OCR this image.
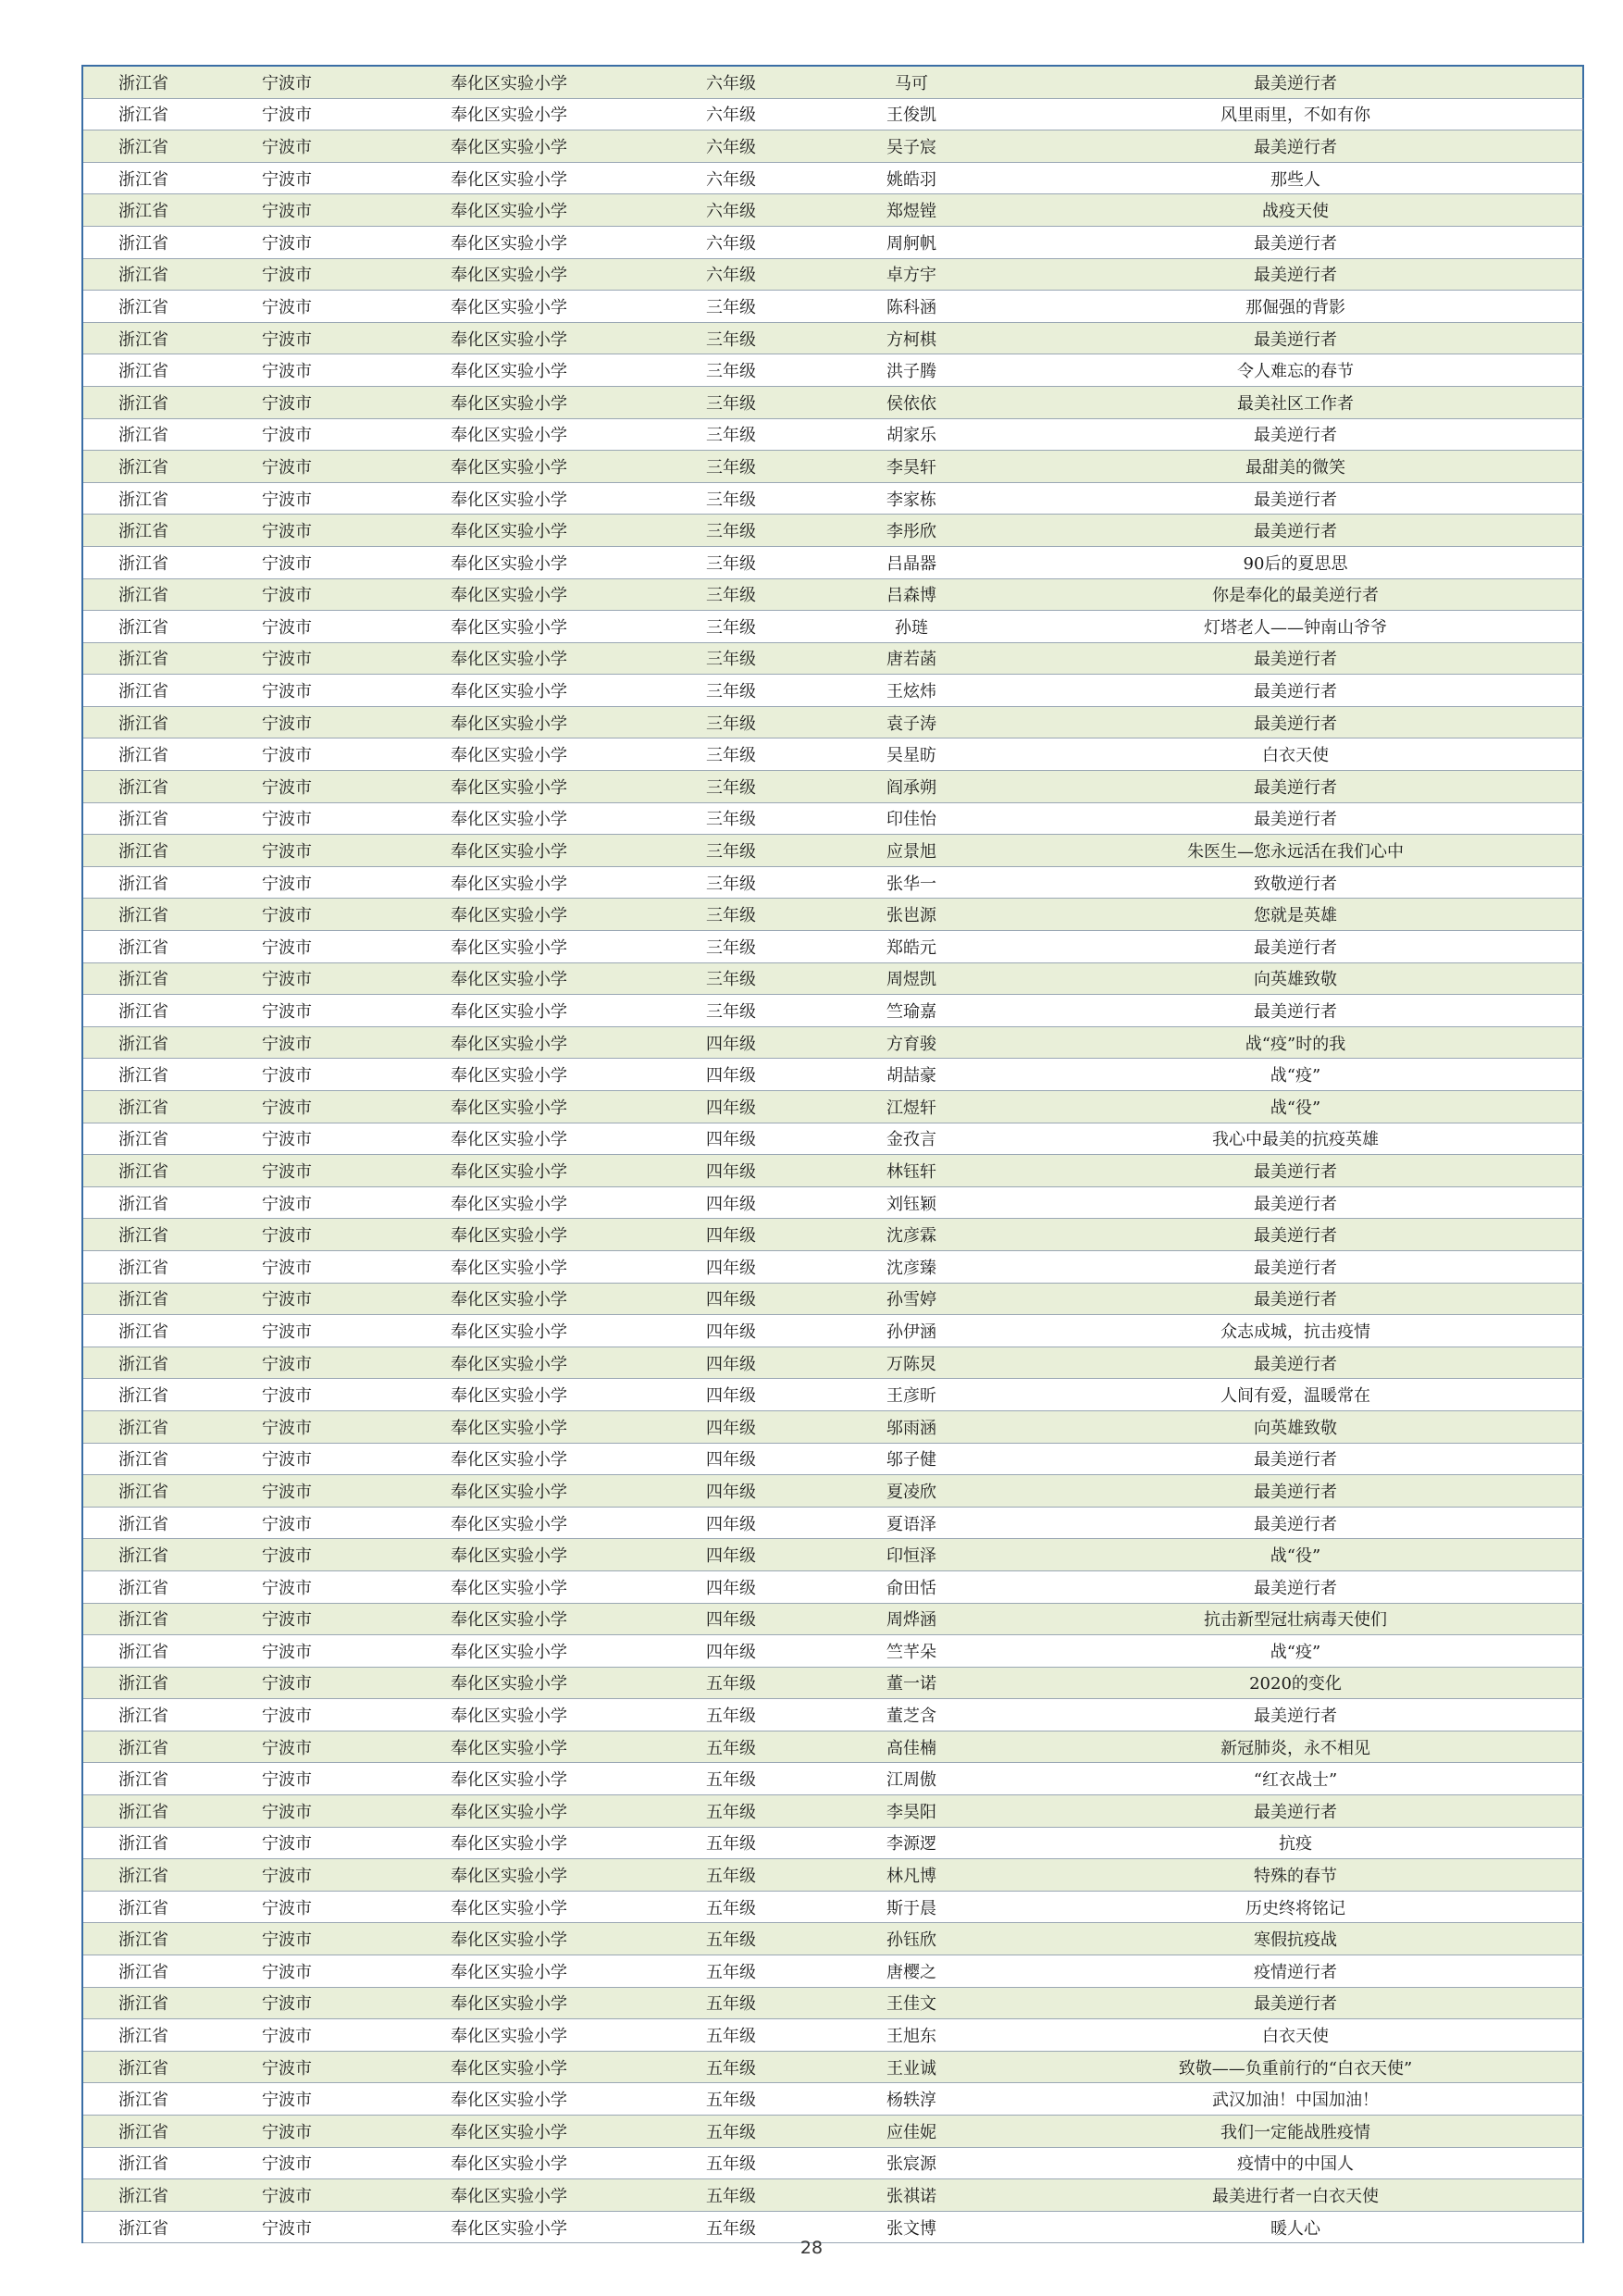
浙江省	宁波市	奉化区实验小学	六年级	马可	最美逆行者
浙江省	宁波市	奉化区实验小学	六年级	王俊凯	风里雨里，不如有你
浙江省	宁波市	奉化区实验小学	六年级	吴子宸	最美逆行者
浙江省	宁波市	奉化区实验小学	六年级	姚皓羽	那些人
浙江省	宁波市	奉化区实验小学	六年级	郑煜镗	战疫天使
浙江省	宁波市	奉化区实验小学	六年级	周舸帆	最美逆行者
浙江省	宁波市	奉化区实验小学	六年级	卓方宇	最美逆行者
浙江省	宁波市	奉化区实验小学	三年级	陈科涵	那倔强的背影
浙江省	宁波市	奉化区实验小学	三年级	方柯棋	最美逆行者
浙江省	宁波市	奉化区实验小学	三年级	洪子腾	令人难忘的春节
浙江省	宁波市	奉化区实验小学	三年级	侯依依	最美社区工作者
浙江省	宁波市	奉化区实验小学	三年级	胡家乐	最美逆行者
浙江省	宁波市	奉化区实验小学	三年级	李昊轩	最甜美的微笑
浙江省	宁波市	奉化区实验小学	三年级	李家栋	最美逆行者
浙江省	宁波市	奉化区实验小学	三年级	李彤欣	最美逆行者
浙江省	宁波市	奉化区实验小学	三年级	吕晶器	90后的夏思思
浙江省	宁波市	奉化区实验小学	三年级	吕森博	你是奉化的最美逆行者
浙江省	宁波市	奉化区实验小学	三年级	孙琏	灯塔老人——钟南山爷爷
浙江省	宁波市	奉化区实验小学	三年级	唐若菡	最美逆行者
浙江省	宁波市	奉化区实验小学	三年级	王炫炜	最美逆行者
浙江省	宁波市	奉化区实验小学	三年级	袁子涛	最美逆行者
浙江省	宁波市	奉化区实验小学	三年级	吴星昉	白衣天使
浙江省	宁波市	奉化区实验小学	三年级	阎承朔	最美逆行者
浙江省	宁波市	奉化区实验小学	三年级	印佳怡	最美逆行者
浙江省	宁波市	奉化区实验小学	三年级	应景旭	朱医生—您永远活在我们心中
浙江省	宁波市	奉化区实验小学	三年级	张华一	致敬逆行者
浙江省	宁波市	奉化区实验小学	三年级	张岜源	您就是英雄
浙江省	宁波市	奉化区实验小学	三年级	郑皓元	最美逆行者
浙江省	宁波市	奉化区实验小学	三年级	周煜凯	向英雄致敬
浙江省	宁波市	奉化区实验小学	三年级	竺瑜嘉	最美逆行者
浙江省	宁波市	奉化区实验小学	四年级	方育骏	战“疫”时的我
浙江省	宁波市	奉化区实验小学	四年级	胡喆豪	战“疫”
浙江省	宁波市	奉化区实验小学	四年级	江煜轩	战“役”
浙江省	宁波市	奉化区实验小学	四年级	金孜言	我心中最美的抗疫英雄
浙江省	宁波市	奉化区实验小学	四年级	林钰轩	最美逆行者
浙江省	宁波市	奉化区实验小学	四年级	刘钰颖	最美逆行者
浙江省	宁波市	奉化区实验小学	四年级	沈彦霖	最美逆行者
浙江省	宁波市	奉化区实验小学	四年级	沈彦臻	最美逆行者
浙江省	宁波市	奉化区实验小学	四年级	孙雪婷	最美逆行者
浙江省	宁波市	奉化区实验小学	四年级	孙伊涵	众志成城，抗击疫情
浙江省	宁波市	奉化区实验小学	四年级	万陈炅	最美逆行者
浙江省	宁波市	奉化区实验小学	四年级	王彦昕	人间有爱，温暖常在
浙江省	宁波市	奉化区实验小学	四年级	邬雨涵	向英雄致敬
浙江省	宁波市	奉化区实验小学	四年级	邬子健	最美逆行者
浙江省	宁波市	奉化区实验小学	四年级	夏凌欣	最美逆行者
浙江省	宁波市	奉化区实验小学	四年级	夏语泽	最美逆行者
浙江省	宁波市	奉化区实验小学	四年级	印恒泽	战“役”
浙江省	宁波市	奉化区实验小学	四年级	俞田恬	最美逆行者
浙江省	宁波市	奉化区实验小学	四年级	周烨涵	抗击新型冠壮病毒天使们
浙江省	宁波市	奉化区实验小学	四年级	竺芊朵	战“疫”
浙江省	宁波市	奉化区实验小学	五年级	董一诺	2020的变化
浙江省	宁波市	奉化区实验小学	五年级	董芝含	最美逆行者
浙江省	宁波市	奉化区实验小学	五年级	高佳楠	新冠肺炎，永不相见
浙江省	宁波市	奉化区实验小学	五年级	江周傲	“红衣战士”
浙江省	宁波市	奉化区实验小学	五年级	李昊阳	最美逆行者
浙江省	宁波市	奉化区实验小学	五年级	李源逻	抗疫
浙江省	宁波市	奉化区实验小学	五年级	林凡博	特殊的春节
浙江省	宁波市	奉化区实验小学	五年级	斯于晨	历史终将铭记
浙江省	宁波市	奉化区实验小学	五年级	孙钰欣	寒假抗疫战
浙江省	宁波市	奉化区实验小学	五年级	唐樱之	疫情逆行者
浙江省	宁波市	奉化区实验小学	五年级	王佳文	最美逆行者
浙江省	宁波市	奉化区实验小学	五年级	王旭东	白衣天使
浙江省	宁波市	奉化区实验小学	五年级	王业诚	致敬——负重前行的“白衣天使”
浙江省	宁波市	奉化区实验小学	五年级	杨轶淳	武汉加油！中国加油！
浙江省	宁波市	奉化区实验小学	五年级	应佳妮	我们一定能战胜疫情
浙江省	宁波市	奉化区实验小学	五年级	张宸源	疫情中的中国人
浙江省	宁波市	奉化区实验小学	五年级	张祺诺	最美进行者一白衣天使
浙江省	宁波市	奉化区实验小学	五年级	张文博	暖人心
28
